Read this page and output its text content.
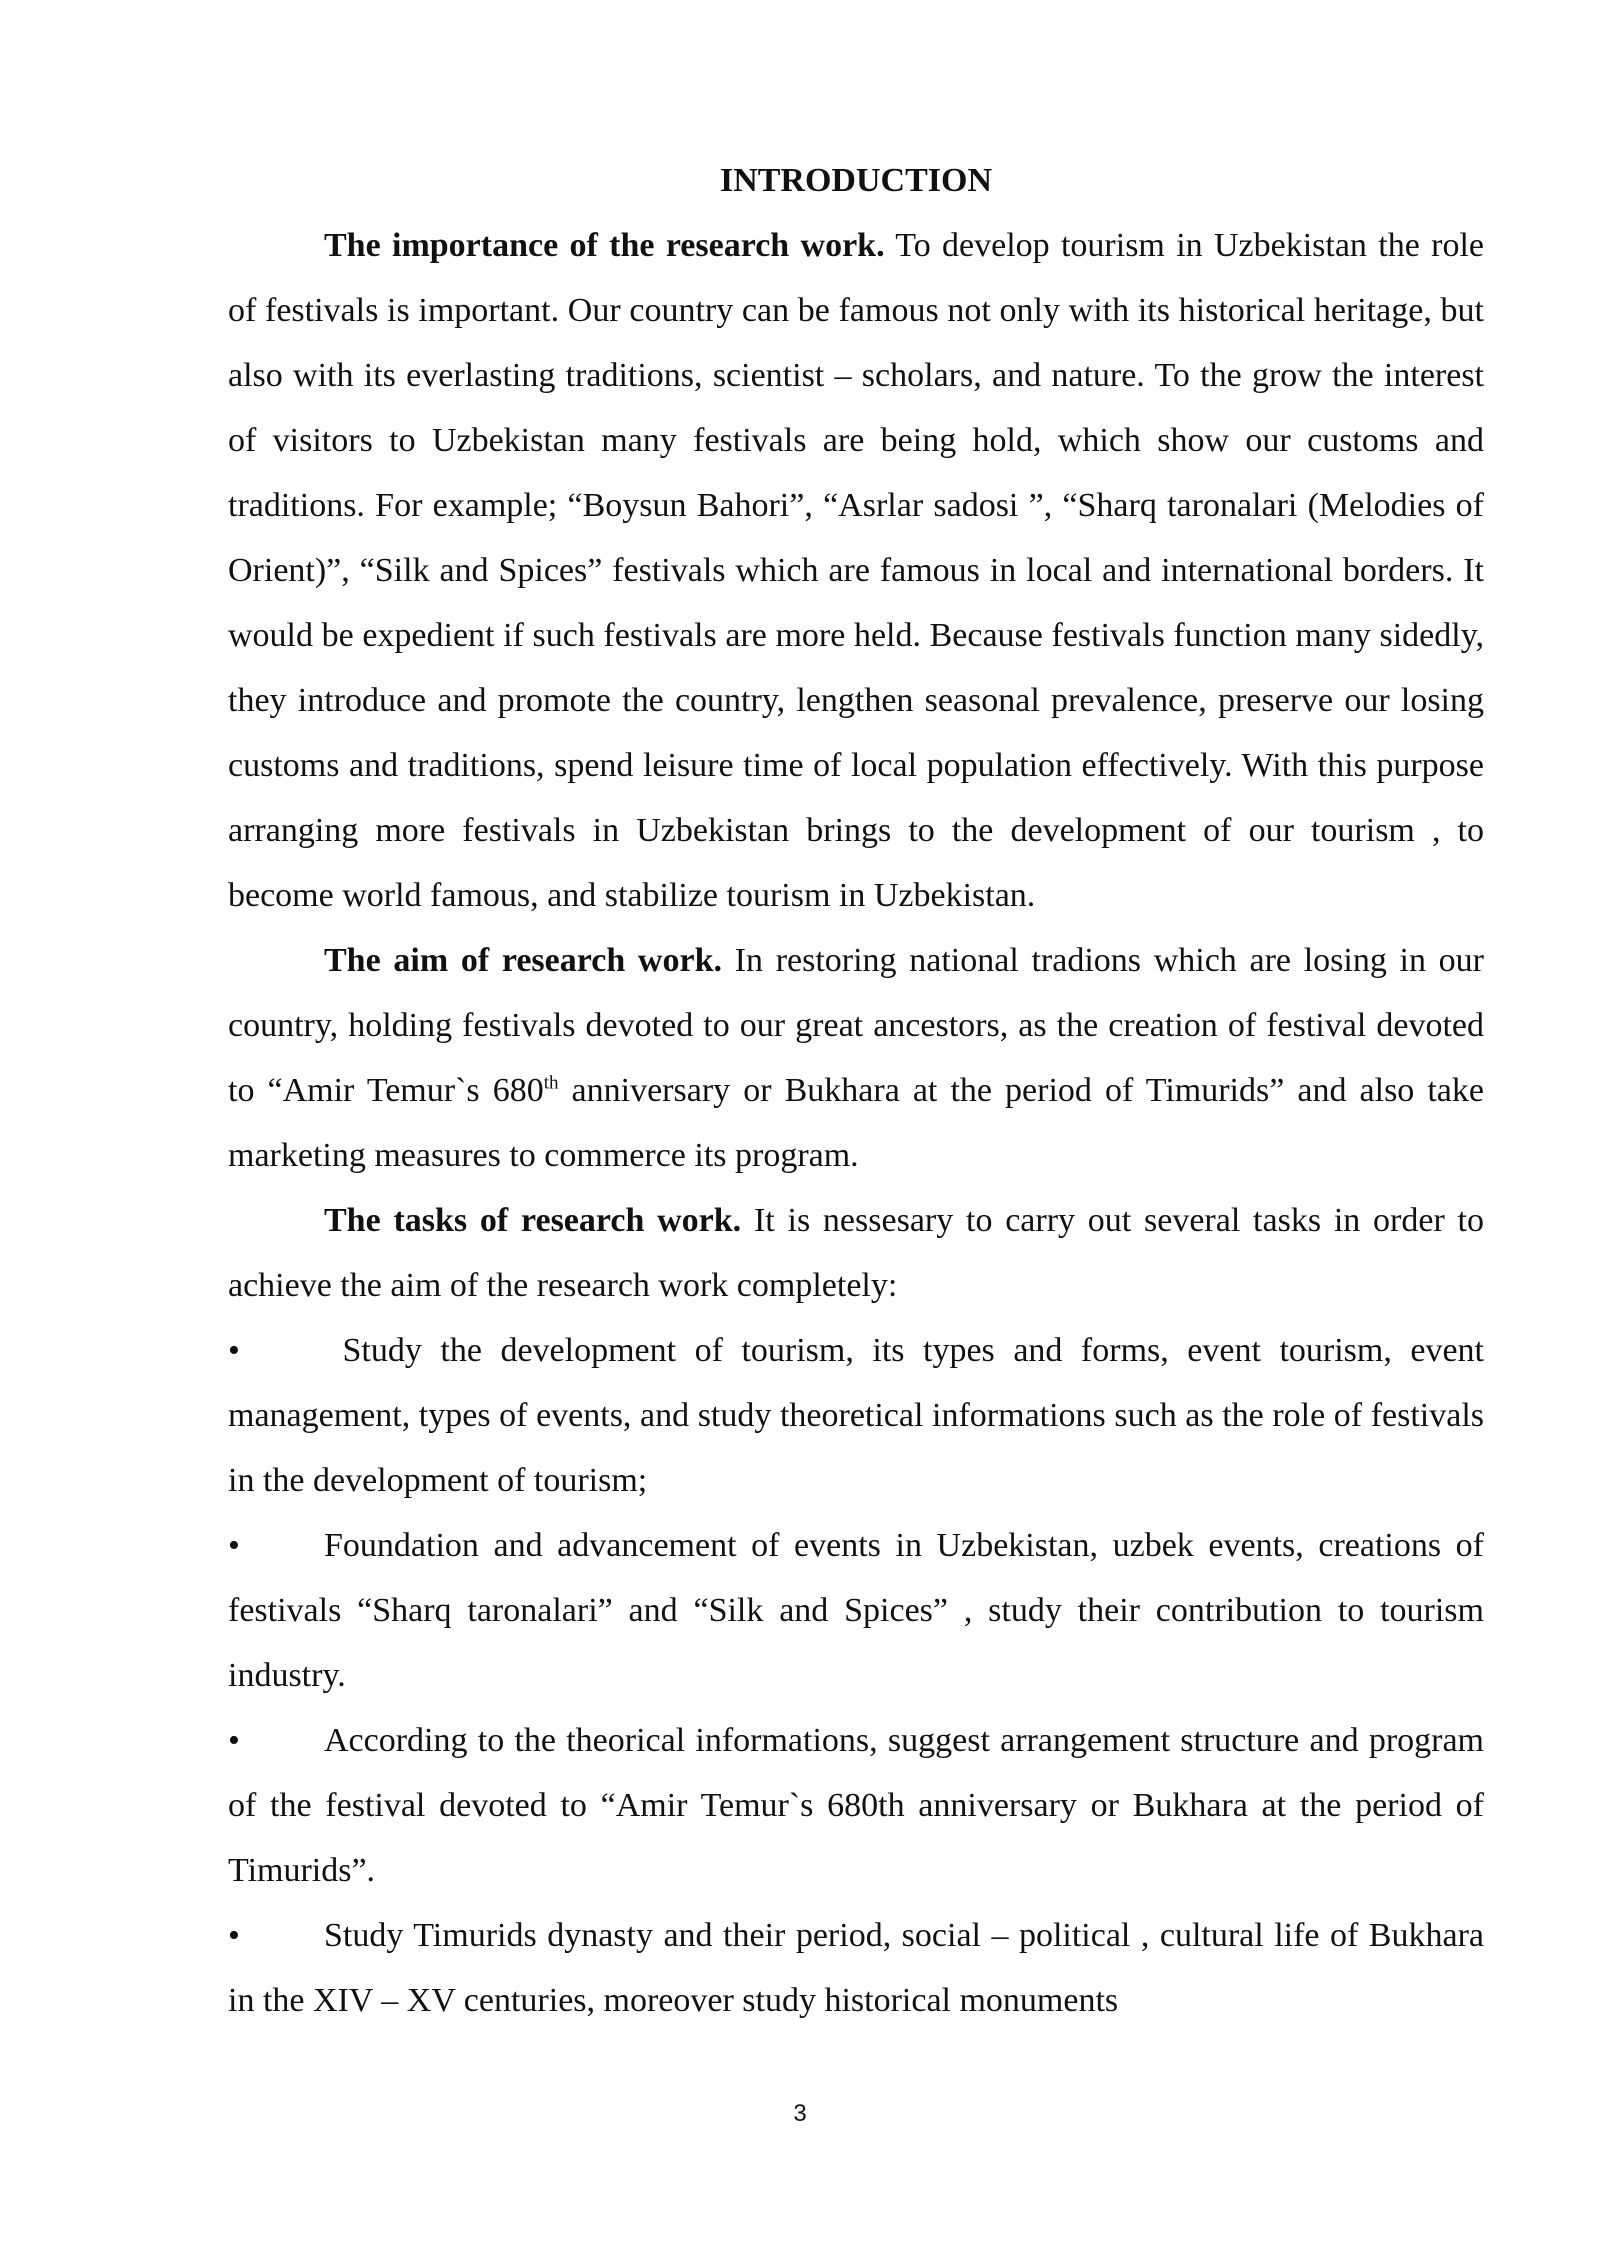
INTRODUCTION

The importance of the research work. To develop tourism in Uzbekistan the role of festivals is important. Our country can be famous not only with its historical heritage, but also with its everlasting traditions, scientist – scholars, and nature. To the grow the interest of visitors to Uzbekistan many festivals are being hold, which show our customs and traditions. For example; “Boysun Bahori”, “Asrlar sadosi ”, “Sharq taronalari (Melodies of Orient)”, “Silk and Spices” festivals which are famous in local and international borders. It would be expedient if such festivals are more held. Because festivals function many sidedly, they introduce and promote the country, lengthen seasonal prevalence, preserve our losing customs and traditions, spend leisure time of local population effectively. With this purpose arranging more festivals in Uzbekistan brings to the development of our tourism , to become world famous, and stabilize tourism in Uzbekistan.

The aim of research work. In restoring national tradions which are losing in our country, holding festivals devoted to our great ancestors, as the creation of festival devoted to “Amir Temur`s 680th anniversary or Bukhara at the period of Timurids” and also take marketing measures to commerce its program.

The tasks of research work. It is nessesary to carry out several tasks in order to achieve the aim of the research work completely:

• Study the development of tourism, its types and forms, event tourism, event management, types of events, and study theoretical informations such as the role of festivals in the development of tourism;

• Foundation and advancement of events in Uzbekistan, uzbek events, creations of festivals “Sharq taronalari” and “Silk and Spices” , study their contribution to tourism industry.

• According to the theorical informations, suggest arrangement structure and program of the festival devoted to “Amir Temur`s 680th anniversary or Bukhara at the period of Timurids”.

• Study Timurids dynasty and their period, social – political , cultural life of Bukhara in the XIV – XV centuries, moreover study historical monuments

3
